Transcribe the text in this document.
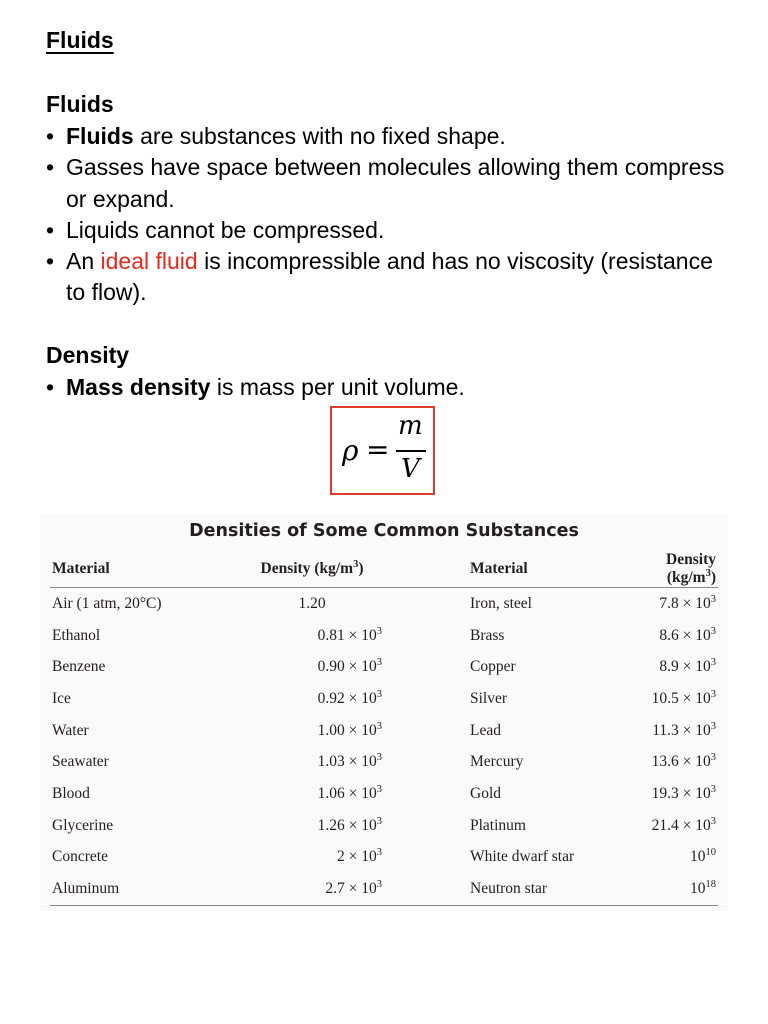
Fluids
Fluids
• Fluids are substances with no fixed shape.
• Gasses have space between molecules allowing them compress or expand.
• Liquids cannot be compressed.
• An ideal fluid is incompressible and has no viscosity (resistance to flow).
Density
• Mass density is mass per unit volume.
ρ =
m
V
Densities of Some Common Substances
Material	Density $(kg/m^3)$	Material	Density $(kg/m^3)$
Air (1 atm, 20°C)	1.20	Iron, steel	$7.8 \times 10^3$
Ethanol	$0.81 \times 10^3$	Brass	$8.6 \times 10^3$
Benzene	$0.90 \times 10^3$	Copper	$8.9 \times 10^3$
Ice	$0.92 \times 10^3$	Silver	$10.5 \times 10^3$
Water	$1.00 \times 10^3$	Lead	$11.3 \times 10^3$
Seawater	$1.03 \times 10^3$	Mercury	$13.6 \times 10^3$
Blood	$1.06 \times 10^3$	Gold	$19.3 \times 10^3$
Glycerine	$1.26 \times 10^3$	Platinum	$21.4 \times 10^3$
Concrete	$2 \times 10^3$	White dwarf star	$10^{10}$
Aluminum	$2.7 \times 10^3$	Neutron star	$10^{18}$
